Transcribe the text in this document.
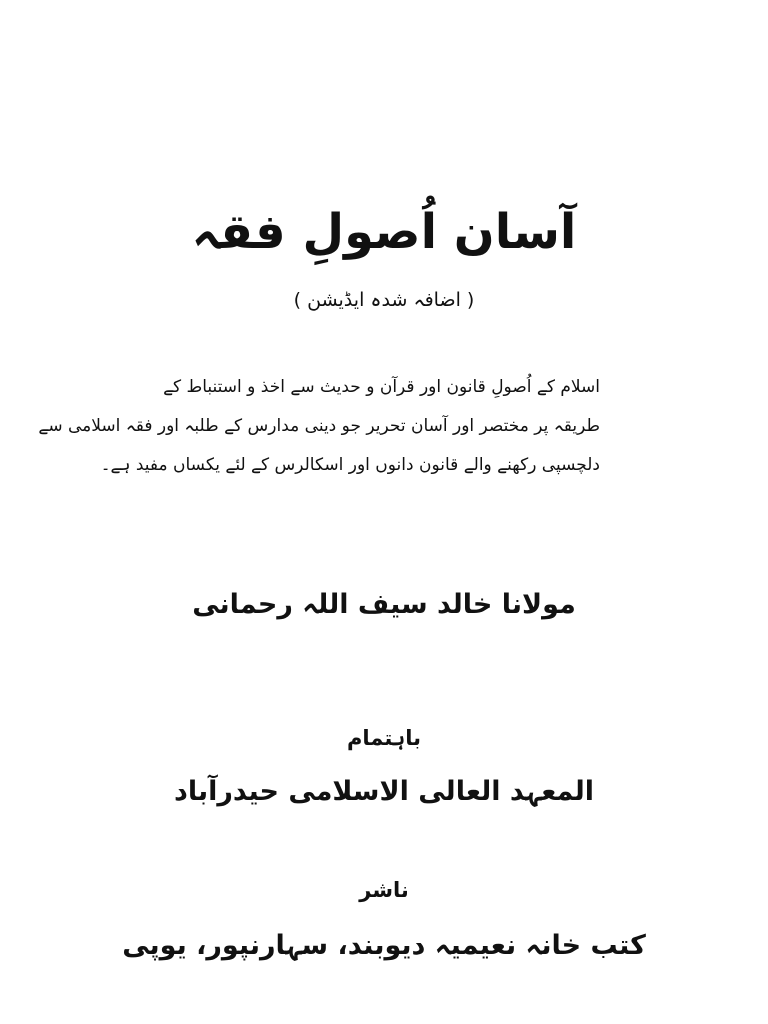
آسان اُصولِ فقہ
( اضافہ شدہ ایڈیشن )
اسلام کے اُصولِ قانون اور قرآن و حدیث سے اخذ و استنباط کے
طریقہ پر مختصر اور آسان تحریر جو دینی مدارس کے طلبہ اور فقہ اسلامی سے
دلچسپی رکھنے والے قانون دانوں اور اسکالرس کے لئے یکساں مفید ہے۔
مولانا خالد سیف اللہ رحمانی
باہتمام
المعہد العالی الاسلامی حیدرآباد
ناشر
کتب خانہ نعیمیہ دیوبند، سہارنپور، یوپی
